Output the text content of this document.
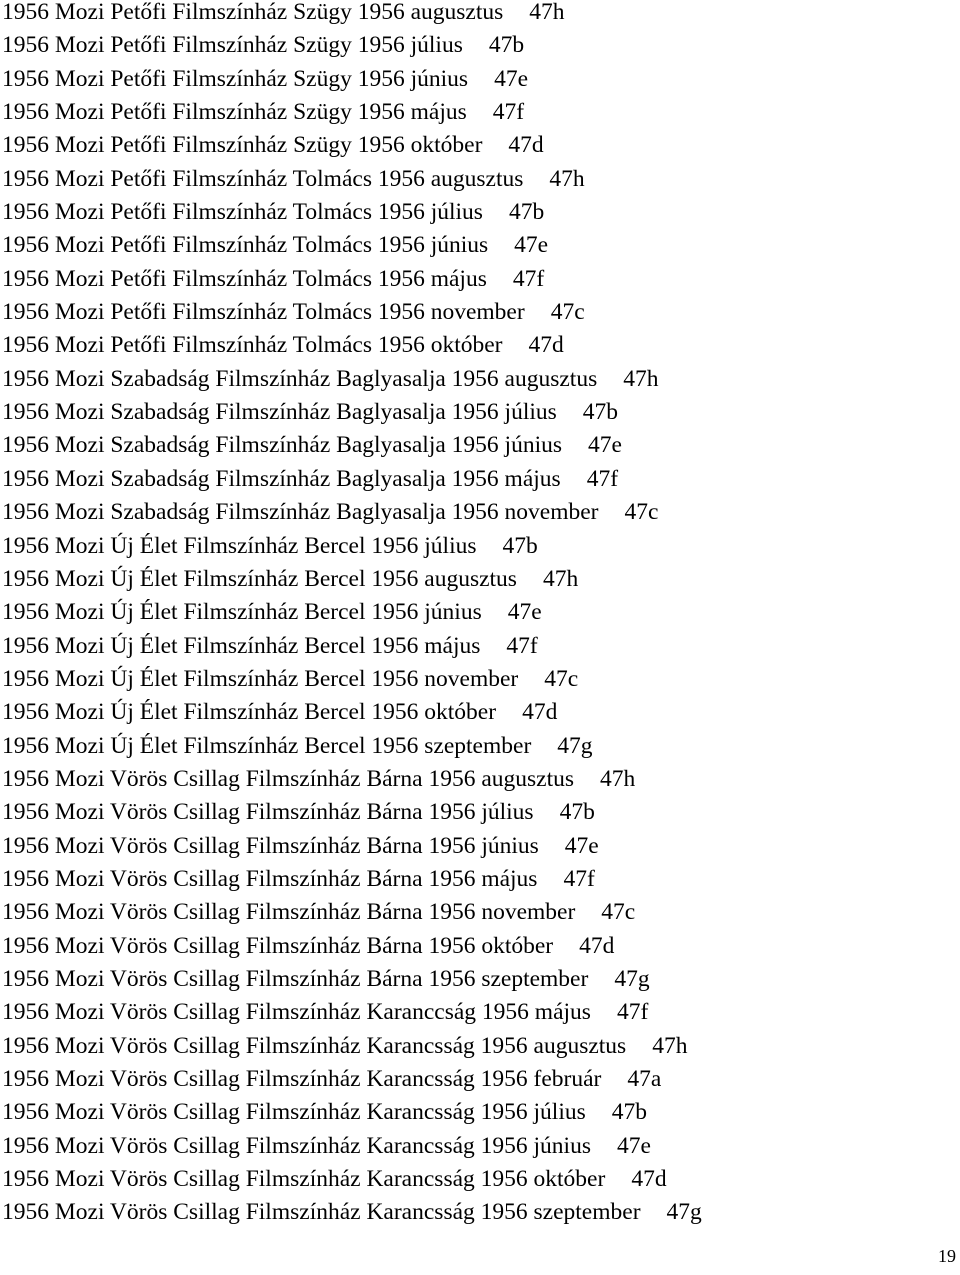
1956 Mozi Petőfi Filmszínház Szügy 1956 augusztus 47h
1956 Mozi Petőfi Filmszínház Szügy 1956 július 47b
1956 Mozi Petőfi Filmszínház Szügy 1956 június 47e
1956 Mozi Petőfi Filmszínház Szügy 1956 május 47f
1956 Mozi Petőfi Filmszínház Szügy 1956 október 47d
1956 Mozi Petőfi Filmszínház Tolmács 1956 augusztus 47h
1956 Mozi Petőfi Filmszínház Tolmács 1956 július 47b
1956 Mozi Petőfi Filmszínház Tolmács 1956 június 47e
1956 Mozi Petőfi Filmszínház Tolmács 1956 május 47f
1956 Mozi Petőfi Filmszínház Tolmács 1956 november 47c
1956 Mozi Petőfi Filmszínház Tolmács 1956 október 47d
1956 Mozi Szabadság Filmszínház Baglyasalja 1956 augusztus 47h
1956 Mozi Szabadság Filmszínház Baglyasalja 1956 július 47b
1956 Mozi Szabadság Filmszínház Baglyasalja 1956 június 47e
1956 Mozi Szabadság Filmszínház Baglyasalja 1956 május 47f
1956 Mozi Szabadság Filmszínház Baglyasalja 1956 november 47c
1956 Mozi Új Élet Filmszínház Bercel 1956 július 47b
1956 Mozi Új Élet Filmszínház Bercel 1956 augusztus 47h
1956 Mozi Új Élet Filmszínház Bercel 1956 június 47e
1956 Mozi Új Élet Filmszínház Bercel 1956 május 47f
1956 Mozi Új Élet Filmszínház Bercel 1956 november 47c
1956 Mozi Új Élet Filmszínház Bercel 1956 október 47d
1956 Mozi Új Élet Filmszínház Bercel 1956 szeptember 47g
1956 Mozi Vörös Csillag Filmszínház Bárna 1956 augusztus 47h
1956 Mozi Vörös Csillag Filmszínház Bárna 1956 július 47b
1956 Mozi Vörös Csillag Filmszínház Bárna 1956 június 47e
1956 Mozi Vörös Csillag Filmszínház Bárna 1956 május 47f
1956 Mozi Vörös Csillag Filmszínház Bárna 1956 november 47c
1956 Mozi Vörös Csillag Filmszínház Bárna 1956 október 47d
1956 Mozi Vörös Csillag Filmszínház Bárna 1956 szeptember 47g
1956 Mozi Vörös Csillag Filmszínház Karanccság 1956 május 47f
1956 Mozi Vörös Csillag Filmszínház Karancsság 1956 augusztus 47h
1956 Mozi Vörös Csillag Filmszínház Karancsság 1956 február 47a
1956 Mozi Vörös Csillag Filmszínház Karancsság 1956 július 47b
1956 Mozi Vörös Csillag Filmszínház Karancsság 1956 június 47e
1956 Mozi Vörös Csillag Filmszínház Karancsság 1956 október 47d
1956 Mozi Vörös Csillag Filmszínház Karancsság 1956 szeptember 47g
19
